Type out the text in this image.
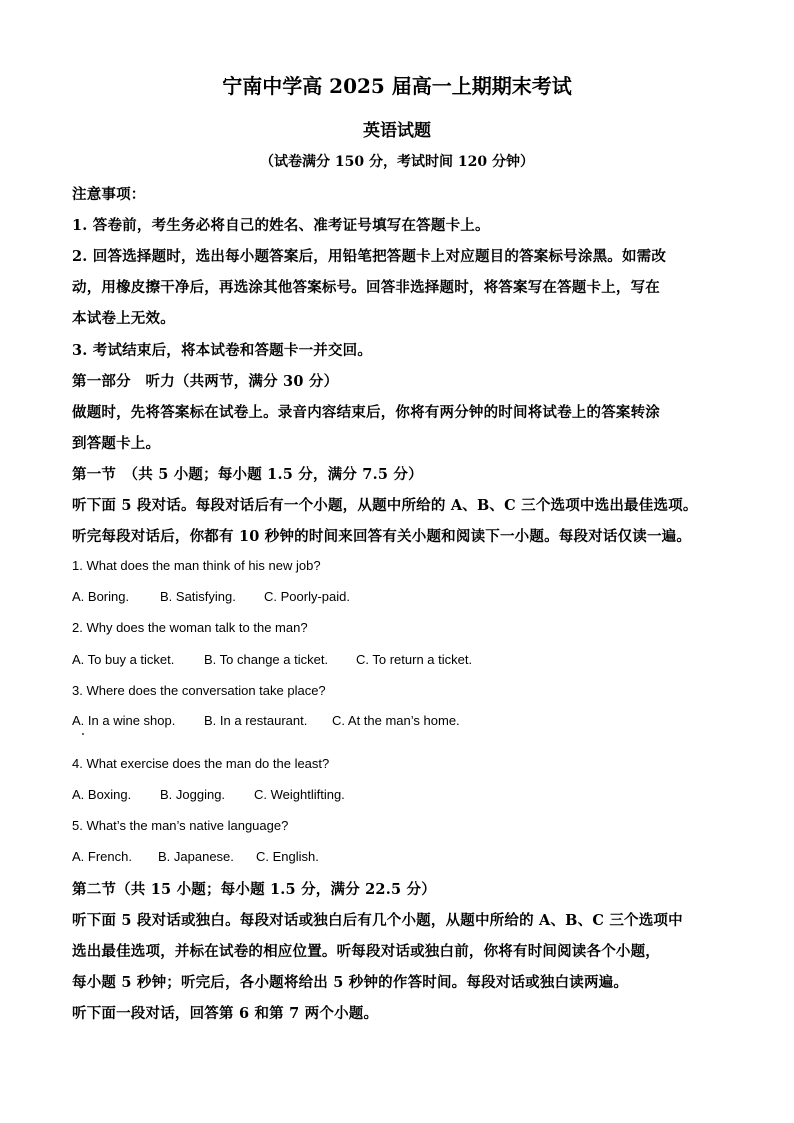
宁南中学高 2025 届高一上期期末考试
英语试题
（试卷满分 150 分，考试时间 120 分钟）
注意事项：
1. 答卷前，考生务必将自己的姓名、准考证号填写在答题卡上。
2. 回答选择题时，选出每小题答案后，用铅笔把答题卡上对应题目的答案标号涂黑。如需改
动，用橡皮擦干净后，再选涂其他答案标号。回答非选择题时，将答案写在答题卡上，写在
本试卷上无效。
3. 考试结束后，将本试卷和答题卡一并交回。
第一部分　听力（共两节，满分 30 分）
做题时，先将答案标在试卷上。录音内容结束后，你将有两分钟的时间将试卷上的答案转涂
到答题卡上。
第一节　（共 5 小题；每小题 1.5 分，满分 7.5 分）
听下面 5 段对话。每段对话后有一个小题，从题中所给的 A、B、C 三个选项中选出最佳选项。
听完每段对话后，你都有 10 秒钟的时间来回答有关小题和阅读下一小题。每段对话仅读一遍。
1. What does the man think of his new job?
A. Boring. B. Satisfying. C. Poorly-paid.
2. Why does the woman talk to the man?
A. To buy a ticket. B. To change a ticket. C. To return a ticket.
3. Where does the conversation take place?
A. In a wine shop. B. In a restaurant. C. At the man’s home.
4. What exercise does the man do the least?
A. Boxing. B. Jogging. C. Weightlifting.
5. What’s the man’s native language?
A. French. B. Japanese. C. English.
第二节（共 15 小题；每小题 1.5 分，满分 22.5 分）
听下面 5 段对话或独白。每段对话或独白后有几个小题，从题中所给的 A、B、C 三个选项中
选出最佳选项，并标在试卷的相应位置。听每段对话或独白前，你将有时间阅读各个小题，
每小题 5 秒钟；听完后，各小题将给出 5 秒钟的作答时间。每段对话或独白读两遍。
听下面一段对话，回答第 6 和第 7 两个小题。
